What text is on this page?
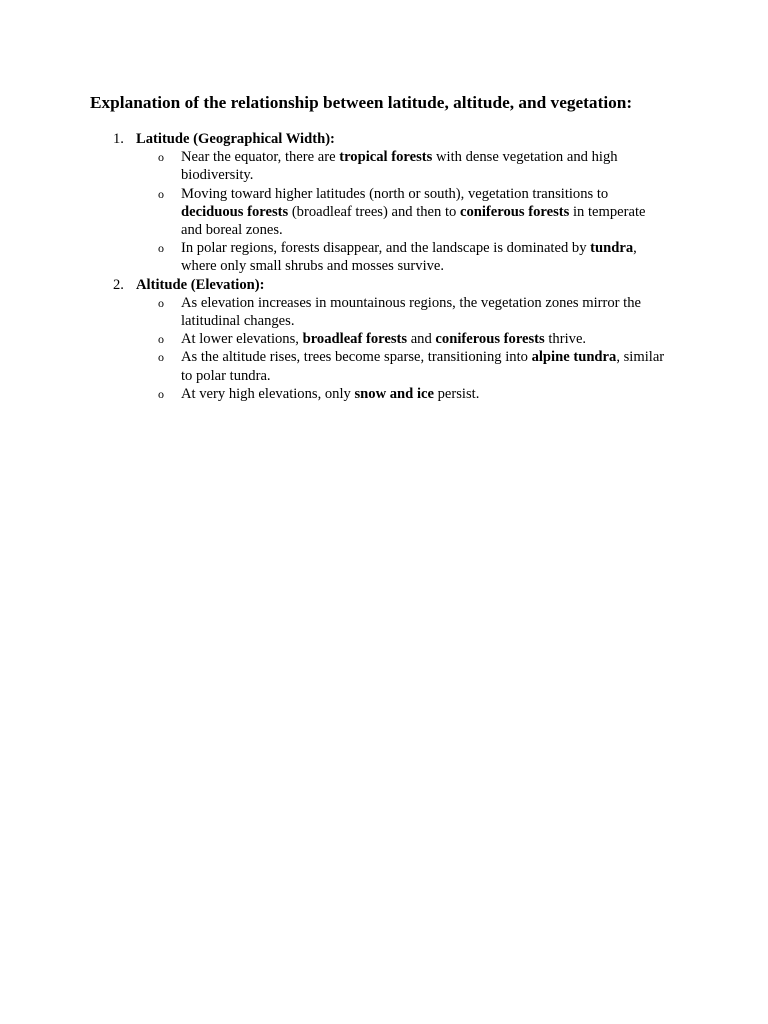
Explanation of the relationship between latitude, altitude, and vegetation:
1. Latitude (Geographical Width):
o Near the equator, there are tropical forests with dense vegetation and high biodiversity.
o Moving toward higher latitudes (north or south), vegetation transitions to deciduous forests (broadleaf trees) and then to coniferous forests in temperate and boreal zones.
o In polar regions, forests disappear, and the landscape is dominated by tundra, where only small shrubs and mosses survive.
2. Altitude (Elevation):
o As elevation increases in mountainous regions, the vegetation zones mirror the latitudinal changes.
o At lower elevations, broadleaf forests and coniferous forests thrive.
o As the altitude rises, trees become sparse, transitioning into alpine tundra, similar to polar tundra.
o At very high elevations, only snow and ice persist.
